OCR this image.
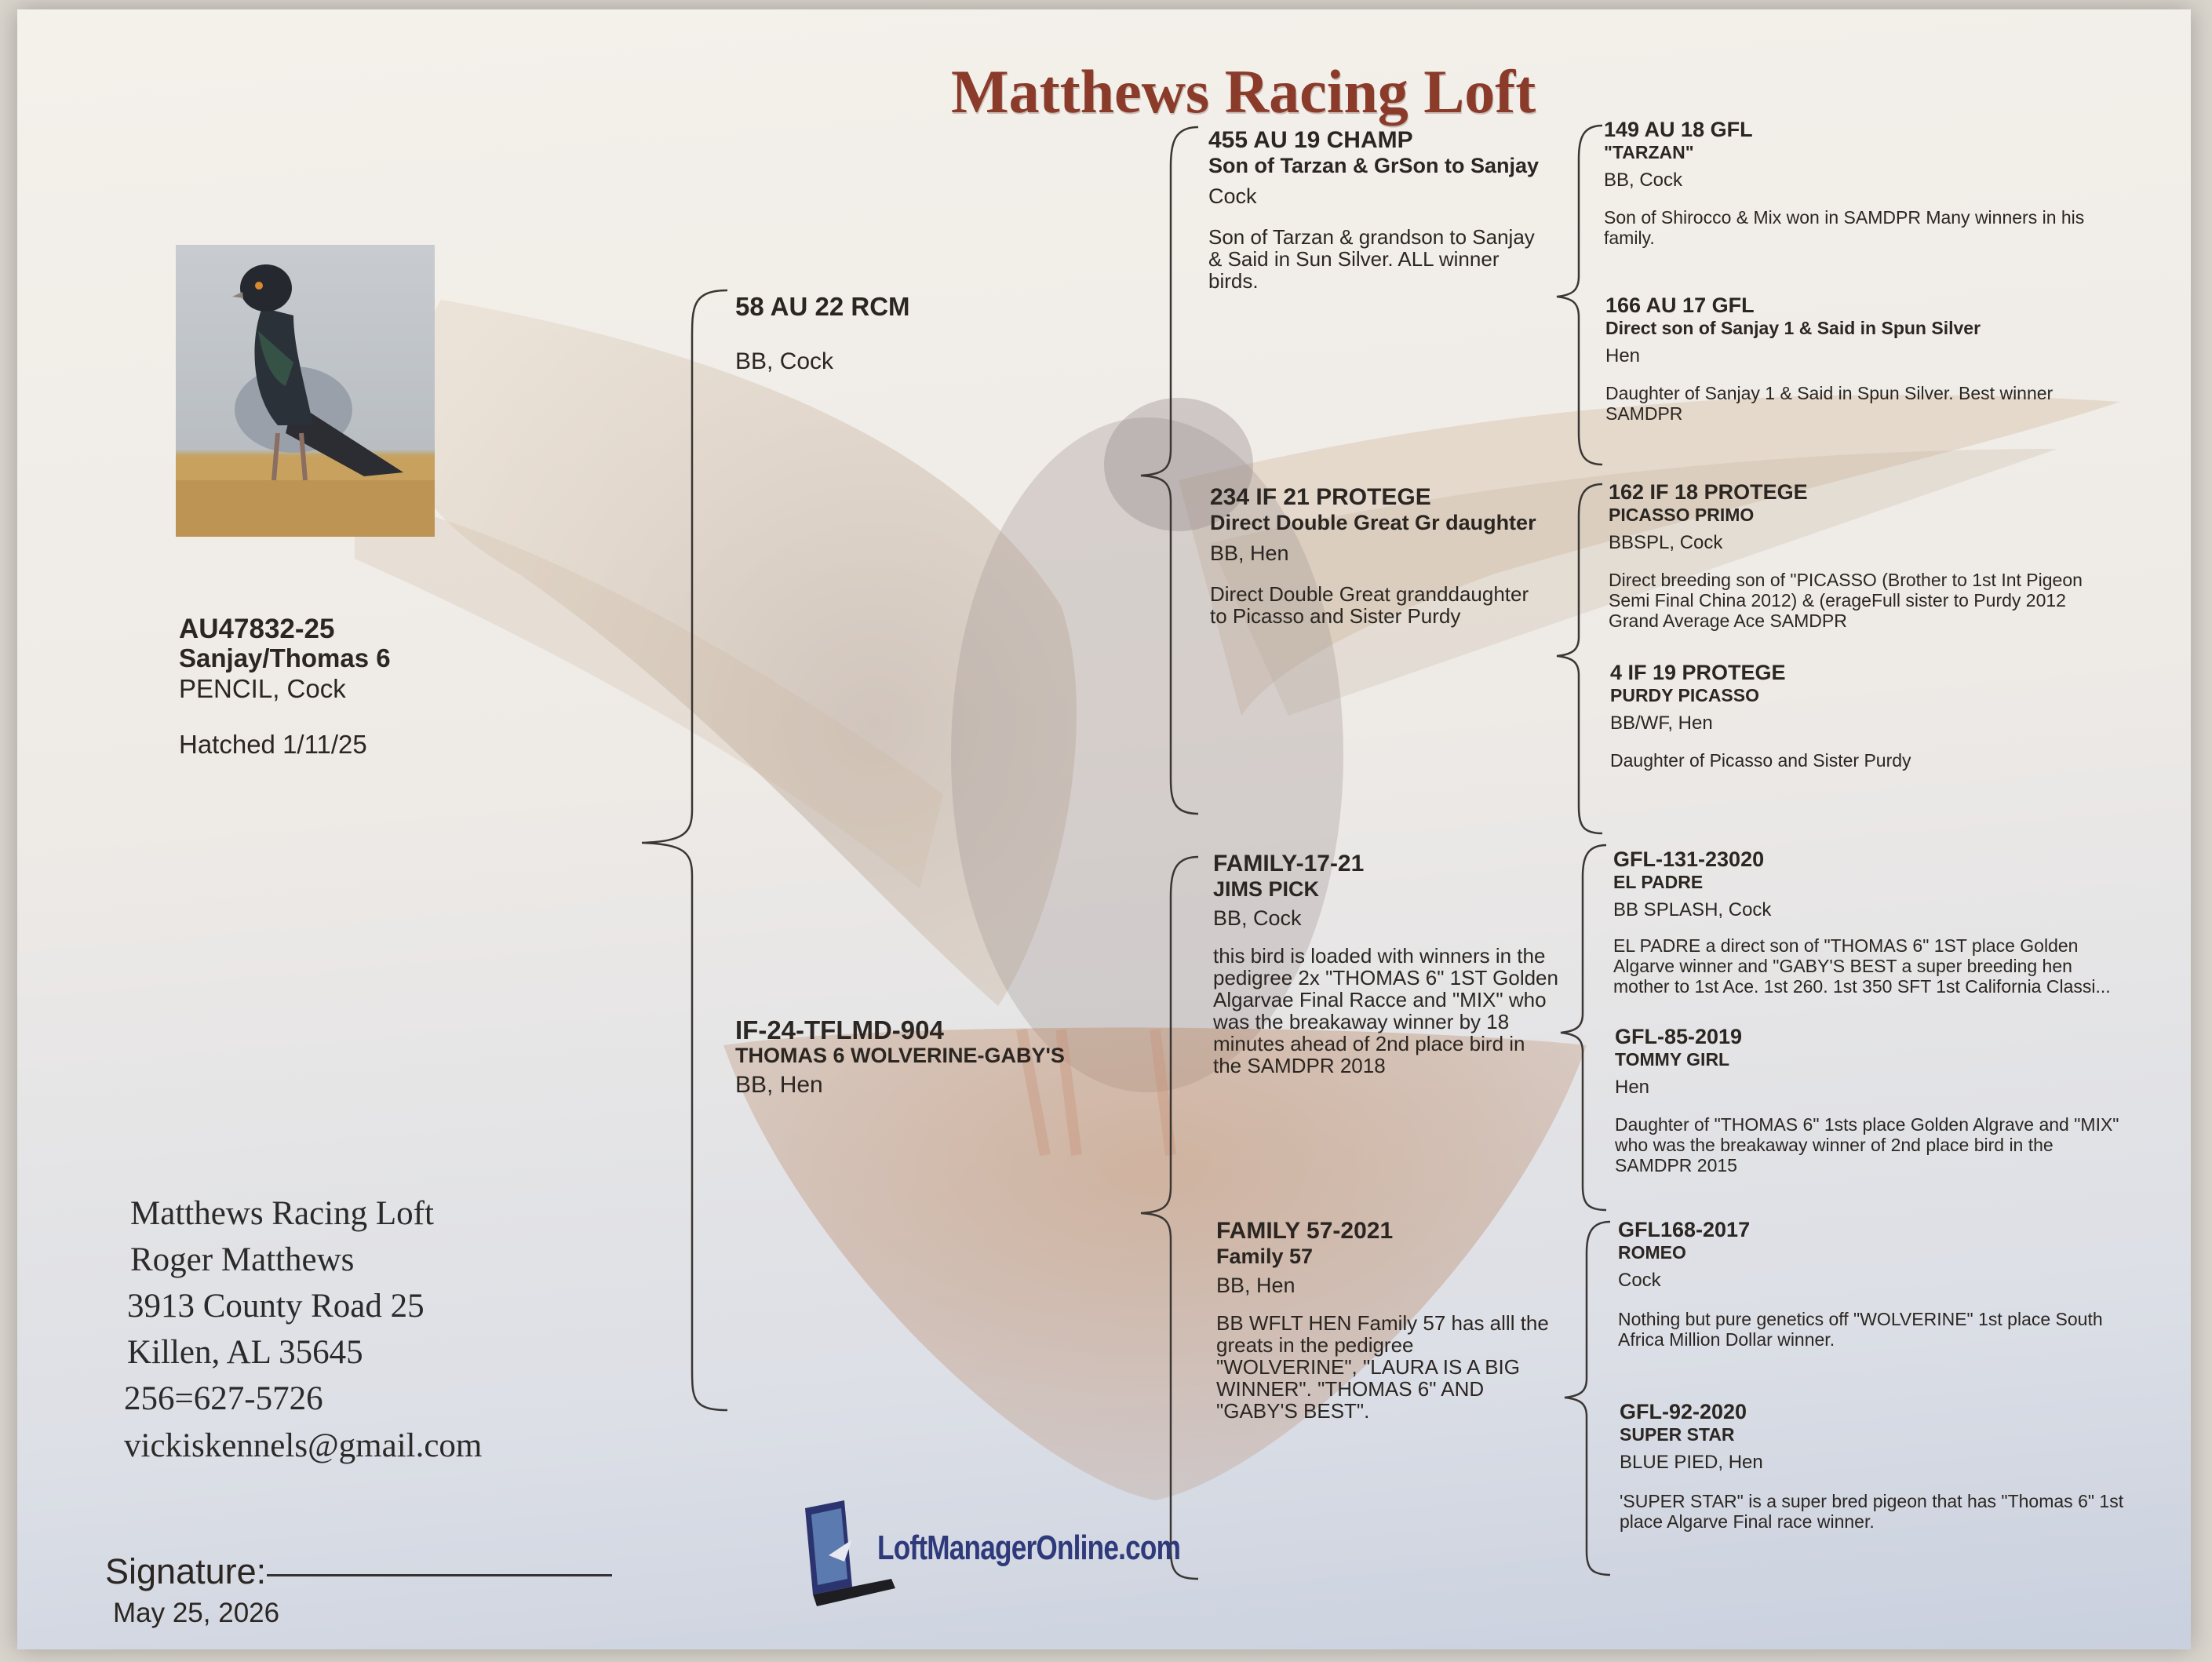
Matthews Racing Loft
AU47832-25
Sanjay/Thomas 6
PENCIL, Cock
Hatched 1/11/25
58 AU 22 RCM
BB, Cock
IF-24-TFLMD-904
THOMAS 6 WOLVERINE-GABY'S
BB, Hen
455 AU 19 CHAMP
Son of Tarzan & GrSon to Sanjay
Cock
Son of Tarzan & grandson to Sanjay & Said in Sun Silver. ALL winner birds.
234 IF 21 PROTEGE
Direct Double Great Gr daughter
BB, Hen
Direct Double Great granddaughter to Picasso and Sister Purdy
FAMILY-17-21
JIMS PICK
BB, Cock
this bird is loaded with winners in the pedigree 2x "THOMAS 6" 1ST Golden Algarvae Final Racce and "MIX" who was the breakaway winner by 18 minutes ahead of 2nd place bird in the SAMDPR 2018
FAMILY 57-2021
Family 57
BB, Hen
BB WFLT HEN Family 57 has alll the greats in the pedigree "WOLVERINE", "LAURA IS A BIG WINNER". "THOMAS 6" AND "GABY'S BEST".
149 AU 18 GFL
"TARZAN"
BB, Cock
Son of Shirocco & Mix won in SAMDPR Many winners in his family.
166 AU 17 GFL
Direct son of Sanjay 1 & Said in Spun Silver
Hen
Daughter of Sanjay 1 & Said in Spun Silver. Best winner SAMDPR
162 IF 18 PROTEGE
PICASSO PRIMO
BBSPL, Cock
Direct breeding son of "PICASSO (Brother to 1st Int Pigeon Semi Final China 2012) & (erageFull sister to Purdy 2012 Grand Average Ace SAMDPR
4 IF 19 PROTEGE
PURDY PICASSO
BB/WF, Hen
Daughter of Picasso and Sister Purdy
GFL-131-23020
EL PADRE
BB SPLASH, Cock
EL PADRE a direct son of "THOMAS 6" 1ST place Golden Algarve winner and "GABY'S BEST a super breeding hen mother to 1st Ace. 1st 260. 1st 350 SFT 1st California Classi...
GFL-85-2019
TOMMY GIRL
Hen
Daughter of "THOMAS 6" 1sts place Golden Algrave and "MIX" who was the breakaway winner of 2nd place bird in the SAMDPR 2015
GFL168-2017
ROMEO
Cock
Nothing but pure genetics off "WOLVERINE" 1st place South Africa Million Dollar winner.
GFL-92-2020
SUPER STAR
BLUE PIED, Hen
'SUPER STAR" is a super bred pigeon that has "Thomas 6" 1st place Algarve Final race winner.
Matthews Racing Loft
Roger Matthews
3913 County Road 25
Killen, AL 35645
256=627-5726
vickiskennels@gmail.com
Signature:
May 25, 2026
LoftManagerOnline.com
